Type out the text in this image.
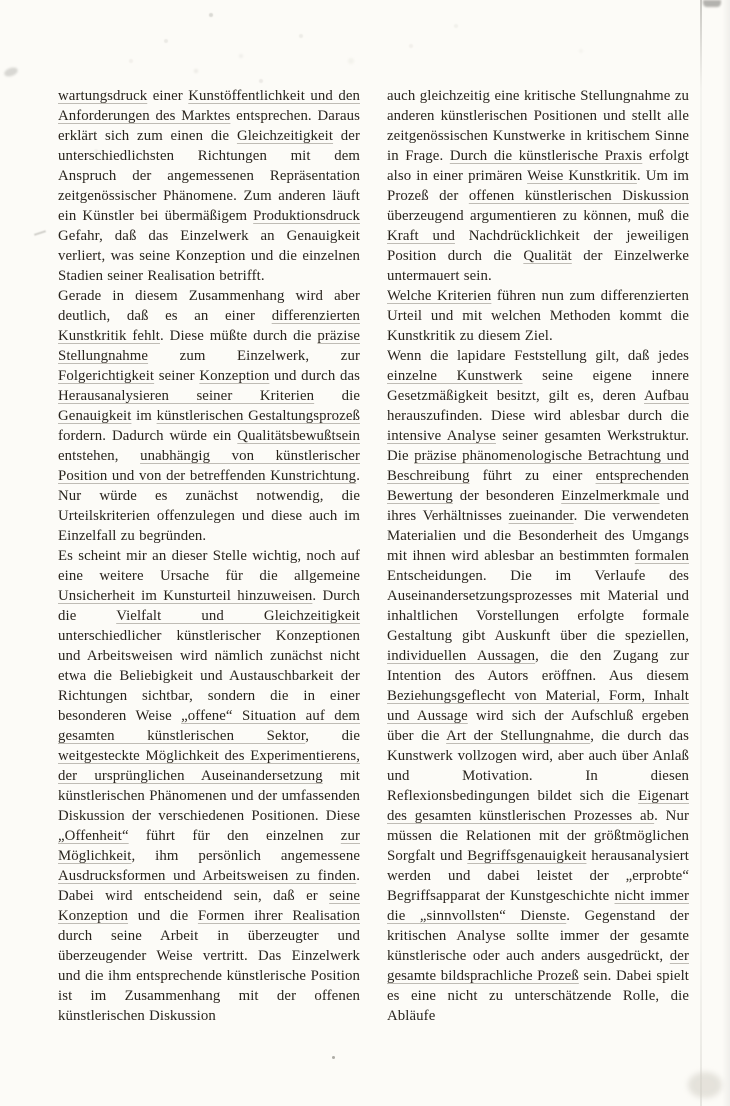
wartungsdruck einer Kunstöffentlichkeit und den Anforderungen des Marktes entsprechen. Daraus erklärt sich zum einen die Gleichzeitigkeit der unterschiedlichsten Richtungen mit dem Anspruch der angemessenen Repräsentation zeitgenössischer Phänomene. Zum anderen läuft ein Künstler bei übermäßigem Produktionsdruck Gefahr, daß das Einzelwerk an Genauigkeit verliert, was seine Konzeption und die einzelnen Stadien seiner Realisation betrifft.

Gerade in diesem Zusammenhang wird aber deutlich, daß es an einer differenzierten Kunstkritik fehlt. Diese müßte durch die präzise Stellungnahme zum Einzelwerk, zur Folgerichtigkeit seiner Konzeption und durch das Herausanalysieren seiner Kriterien die Genauigkeit im künstlerischen Gestaltungsprozeß fordern. Dadurch würde ein Qualitätsbewußtsein entstehen, unabhängig von künstlerischer Position und von der betreffenden Kunstrichtung. Nur würde es zunächst notwendig, die Urteilskriterien offenzulegen und diese auch im Einzelfall zu begründen.

Es scheint mir an dieser Stelle wichtig, noch auf eine weitere Ursache für die allgemeine Unsicherheit im Kunsturteil hinzuweisen. Durch die Vielfalt und Gleichzeitigkeit unterschiedlicher künstlerischer Konzeptionen und Arbeitsweisen wird nämlich zunächst nicht etwa die Beliebigkeit und Austauschbarkeit der Richtungen sichtbar, sondern die in einer besonderen Weise „offene“ Situation auf dem gesamten künstlerischen Sektor, die weitgesteckte Möglichkeit des Experimentierens, der ursprünglichen Auseinandersetzung mit künstlerischen Phänomenen und der umfassenden Diskussion der verschiedenen Positionen. Diese „Offenheit“ führt für den einzelnen zur Möglichkeit, ihm persönlich angemessene Ausdrucksformen und Arbeitsweisen zu finden. Dabei wird entscheidend sein, daß er seine Konzeption und die Formen ihrer Realisation durch seine Arbeit in überzeugter und überzeugender Weise vertritt. Das Einzelwerk und die ihm entsprechende künstlerische Position ist im Zusammenhang mit der offenen künstlerischen Diskussion

auch gleichzeitig eine kritische Stellungnahme zu anderen künstlerischen Positionen und stellt alle zeitgenössischen Kunstwerke in kritischem Sinne in Frage. Durch die künstlerische Praxis erfolgt also in einer primären Weise Kunstkritik. Um im Prozeß der offenen künstlerischen Diskussion überzeugend argumentieren zu können, muß die Kraft und Nachdrücklichkeit der jeweiligen Position durch die Qualität der Einzelwerke untermauert sein.

Welche Kriterien führen nun zum differenzierten Urteil und mit welchen Methoden kommt die Kunstkritik zu diesem Ziel.

Wenn die lapidare Feststellung gilt, daß jedes einzelne Kunstwerk seine eigene innere Gesetzmäßigkeit besitzt, gilt es, deren Aufbau herauszufinden. Diese wird ablesbar durch die intensive Analyse seiner gesamten Werkstruktur. Die präzise phänomenologische Betrachtung und Beschreibung führt zu einer entsprechenden Bewertung der besonderen Einzelmerkmale und ihres Verhältnisses zueinander. Die verwendeten Materialien und die Besonderheit des Umgangs mit ihnen wird ablesbar an bestimmten formalen Entscheidungen. Die im Verlaufe des Auseinandersetzungsprozesses mit Material und inhaltlichen Vorstellungen erfolgte formale Gestaltung gibt Auskunft über die speziellen, individuellen Aussagen, die den Zugang zur Intention des Autors eröffnen. Aus diesem Beziehungsgeflecht von Material, Form, Inhalt und Aussage wird sich der Aufschluß ergeben über die Art der Stellungnahme, die durch das Kunstwerk vollzogen wird, aber auch über Anlaß und Motivation. In diesen Reflexionsbedingungen bildet sich die Eigenart des gesamten künstlerischen Prozesses ab. Nur müssen die Relationen mit der größtmöglichen Sorgfalt und Begriffsgenauigkeit herausanalysiert werden und dabei leistet der „erprobte“ Begriffsapparat der Kunstgeschichte nicht immer die „sinnvollsten“ Dienste. Gegenstand der kritischen Analyse sollte immer der gesamte künstlerische oder auch anders ausgedrückt, der gesamte bildsprachliche Prozeß sein. Dabei spielt es eine nicht zu unterschätzende Rolle, die Abläufe
